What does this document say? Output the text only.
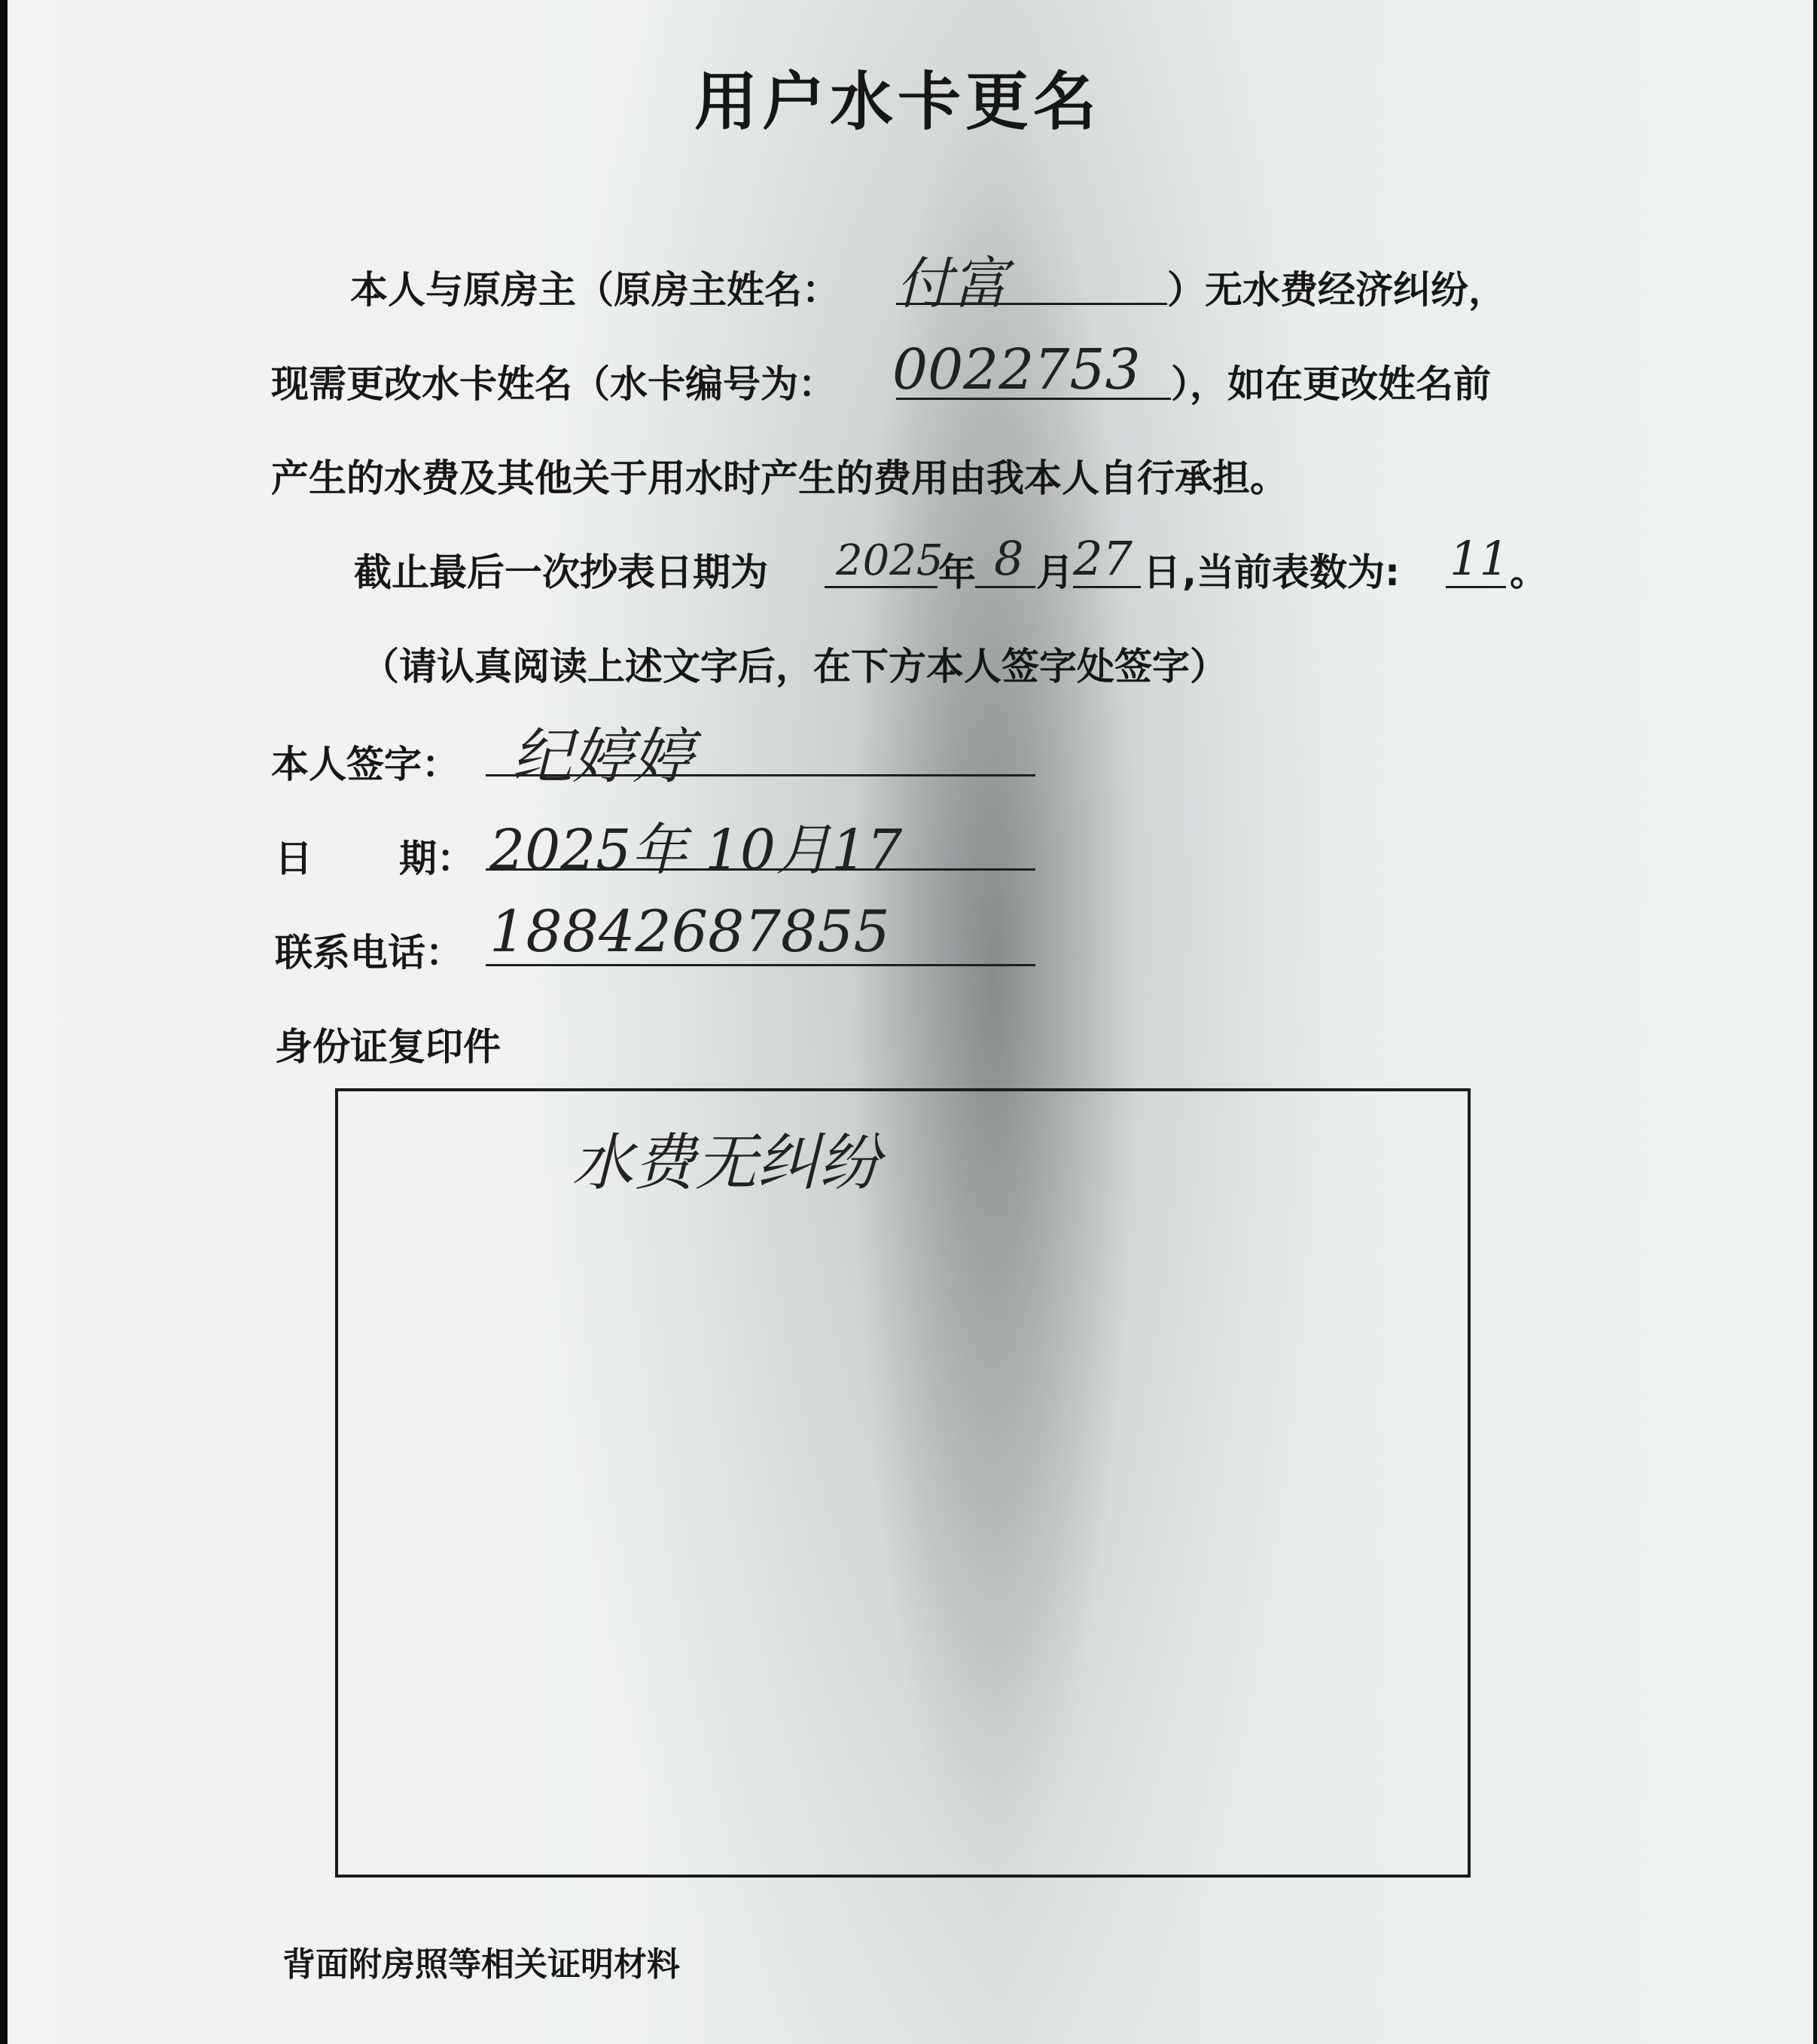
用户水卡更名
本人与原房主（原房主姓名： 付富	）无水费经济纠纷，
现需更改水卡姓名（水卡编号为： 0022753 ），如在更改姓名前
产生的水费及其他关于用水时产生的费用由我本人自行承担。
截止最后一次抄表日期为 2025
年 8 月 27 日 ,当前表数为: 11 。
（请认真阅读上述文字后，在下方本人签字处签字）
本人签字： 纪婷婷
日 期： 2025年 10月17
联系电话： 18842687855
身份证复印件
水费无纠纷
背面附房照等相关证明材料
